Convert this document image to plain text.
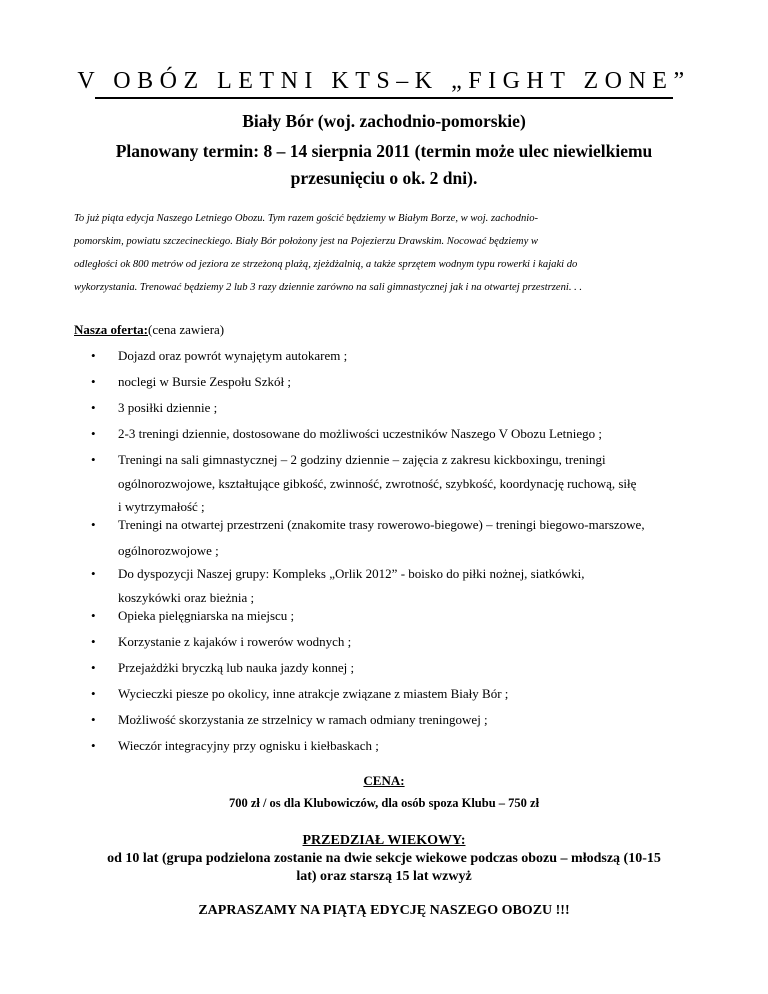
V OBÓZ LETNI KTS–K „FIGHT ZONE”
Biały Bór (woj. zachodnio-pomorskie)
Planowany termin: 8 – 14 sierpnia 2011 (termin może ulec niewielkiemu
przesunięciu o ok. 2 dni).
To już piąta edycja Naszego Letniego Obozu. Tym razem gościć będziemy w Białym Borze, w woj. zachodnio-
pomorskim, powiatu szczecineckiego. Biały Bór położony jest na Pojezierzu Drawskim. Nocować będziemy w
odległości ok 800 metrów od jeziora ze strzeżoną plażą, zjeżdżalnią, a także sprzętem wodnym typu rowerki i kajaki do
wykorzystania. Trenować będziemy 2 lub 3 razy dziennie zarówno na sali gimnastycznej jak i na otwartej przestrzeni. . .
Nasza oferta:(cena zawiera)
• Dojazd oraz powrót wynajętym autokarem ;
• noclegi w Bursie Zespołu Szkół ;
• 3 posiłki dziennie ;
• 2-3 treningi dziennie, dostosowane do możliwości uczestników Naszego V Obozu Letniego ;
• Treningi na sali gimnastycznej – 2 godziny dziennie – zajęcia z zakresu kickboxingu, treningi
ogólnorozwojowe, kształtujące gibkość, zwinność, zwrotność, szybkość, koordynację ruchową, siłę
i wytrzymałość ;
• Treningi na otwartej przestrzeni (znakomite trasy rowerowo-biegowe) – treningi biegowo-marszowe,
ogólnorozwojowe ;
• Do dyspozycji Naszej grupy: Kompleks „Orlik 2012” - boisko do piłki nożnej, siatkówki,
koszykówki oraz bieżnia ;
• Opieka pielęgniarska na miejscu ;
• Korzystanie z kajaków i rowerów wodnych ;
• Przejażdżki bryczką lub nauka jazdy konnej ;
• Wycieczki piesze po okolicy, inne atrakcje związane z miastem Biały Bór ;
• Możliwość skorzystania ze strzelnicy w ramach odmiany treningowej ;
• Wieczór integracyjny przy ognisku i kiełbaskach ;
CENA:
700 zł / os dla Klubowiczów, dla osób spoza Klubu – 750 zł
PRZEDZIAŁ WIEKOWY:
od 10 lat (grupa podzielona zostanie na dwie sekcje wiekowe podczas obozu – młodszą (10-15
lat) oraz starszą 15 lat wzwyż
ZAPRASZAMY NA PIĄTĄ EDYCJĘ NASZEGO OBOZU !!!
